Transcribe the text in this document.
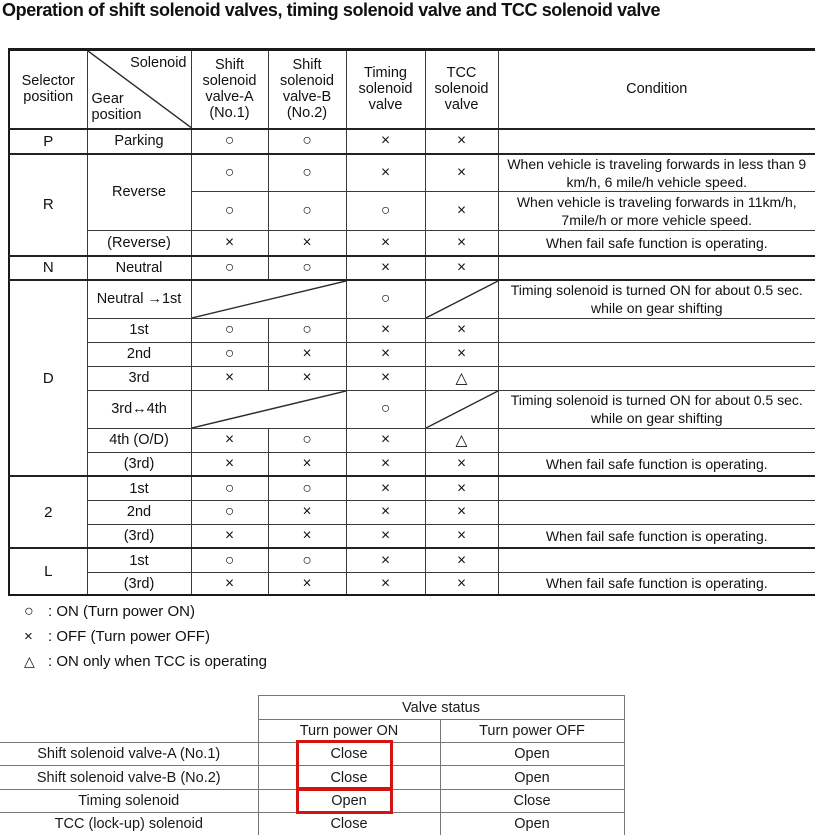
Operation of shift solenoid valves, timing solenoid valve and TCC solenoid valve
Selector position	Solenoid
Gear position	Shift solenoid valve-A (No.1)	Shift solenoid valve-B (No.2)	Timing solenoid valve	TCC solenoid valve	Condition
P	Parking	○	○	×	×	
R	Reverse	○	○	×	×	When vehicle is traveling forwards in less than 9 km/h, 6 mile/h vehicle speed.
		○	○	○	×	When vehicle is traveling forwards in 11km/h, 7mile/h or more vehicle speed.
	(Reverse)	×	×	×	×	When fail safe function is operating.
N	Neutral	○	○	×	×	
D	Neutral →1st			○		Timing solenoid is turned ON for about 0.5 sec. while on gear shifting
	1st	○	○	×	×	
	2nd	○	×	×	×	
	3rd	×	×	×	△	
	3rd↔4th			○		Timing solenoid is turned ON for about 0.5 sec. while on gear shifting
	4th (O/D)	×	○	×	△	
	(3rd)	×	×	×	×	When fail safe function is operating.
2	1st	○	○	×	×	
	2nd	○	×	×	×	
	(3rd)	×	×	×	×	When fail safe function is operating.
L	1st	○	○	×	×	
	(3rd)	×	×	×	×	When fail safe function is operating.
○ : ON (Turn power ON)
×	: OFF (Turn power OFF)
△ : ON only when TCC is operating
	Valve status	
	Turn power ON	Turn power OFF
Shift solenoid valve-A (No.1)	Close	Open
Shift solenoid valve-B (No.2)	Close	Open
Timing solenoid	Open	Close
TCC (lock-up) solenoid	Close	Open
